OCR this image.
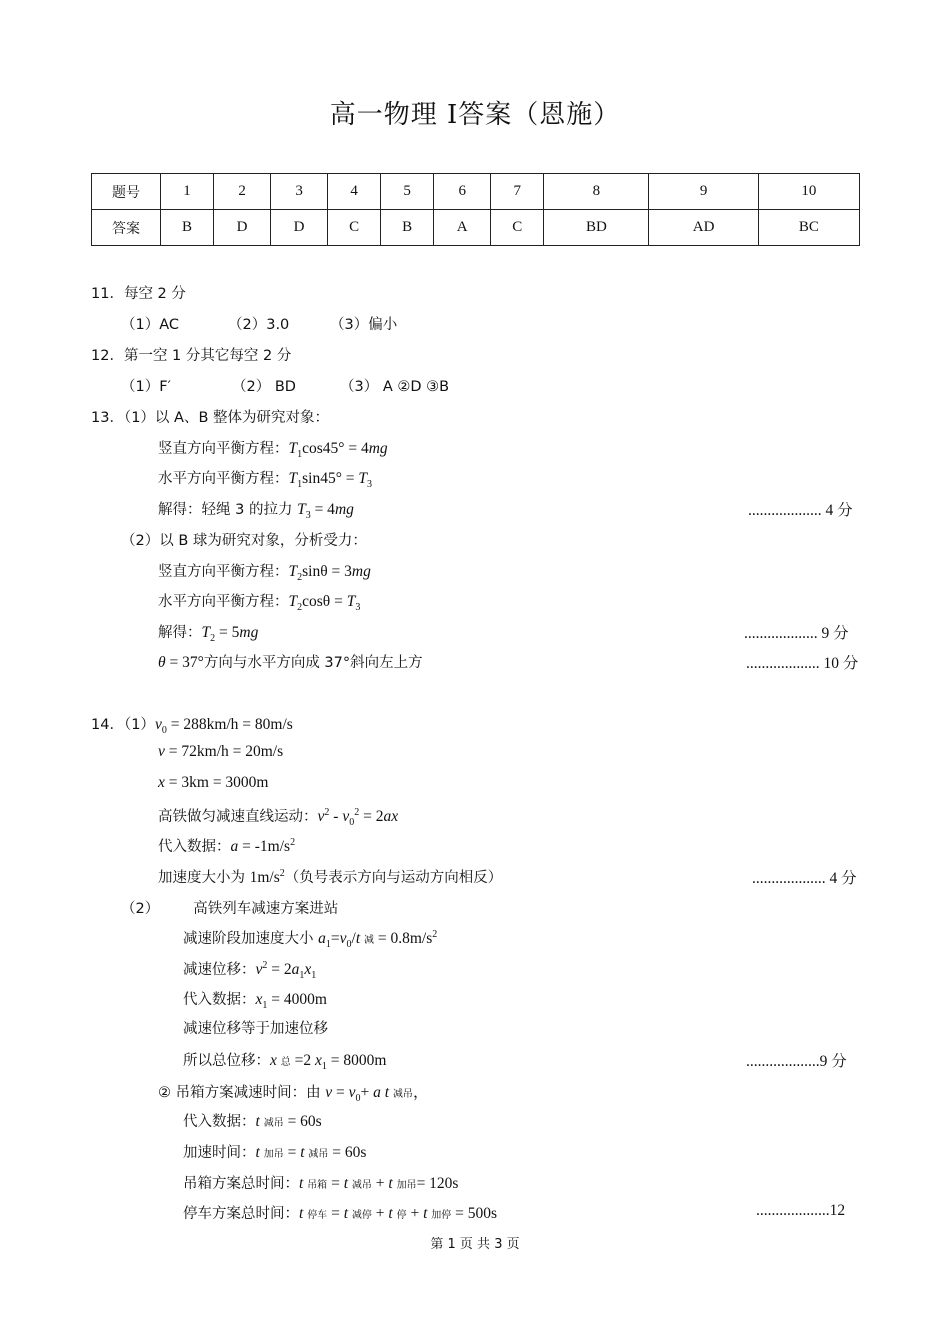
高一物理 Ⅰ答案（恩施）
题号	1	2	3	4	5	6	7	8	9	10
答案	B	D	D	C	B	A	C	BD	AD	BC
11．每空 2 分
（1）AC	（2）3.0	（3）偏小
12．第一空 1 分其它每空 2 分
（1）F′	（2） BD	（3） A ②D ③B
13．（1）以 A、B 整体为研究对象：
竖直方向平衡方程：$T_1\cos 45^\circ = 4mg$
水平方向平衡方程：$T_1\sin 45^\circ = T_3$
解得：轻绳 3 的拉力 $T_3 = 4mg$	................... 4 分
（2）以 B 球为研究对象，分析受力：
竖直方向平衡方程：$T_2\sin\theta = 3mg$
水平方向平衡方程：$T_2\cos\theta = T_3$
解得：$T_2 = 5mg$	................... 9 分
θ = 37°方向与水平方向成 37°斜向左上方	................... 10 分
14．$(1)v_0 = 288km/h = 80m/s$
v = 72km/h = 20m/s
x = 3km = 3000m
高铁做匀减速直线运动：$v^2 - v_0^2 = 2ax$
代入数据：$a = -1m/s^2$
加速度大小为 $1m/s^2$（负号表示方向与运动方向相反）	................... 4 分
（2） 高铁列车减速方案进站
减速阶段加速度大小 $a_1=v_0/t$ 减 = $0.8m/s^2$
减速位移：$v^2 = 2a_1x_1$
代入数据：$x_1 = 4000m$
减速位移等于加速位移
所以总位移：x 总 =2 $x_1 = 8000m$	...................9 分
② 吊箱方案减速时间：由 $v = v_0+ a$ t 减吊，
代入数据：t 减吊 = 60s
加速时间：t 加吊 = t 减吊 = 60s
吊箱方案总时间：t 吊箱 = t 减吊 + t 加吊= 120s
停车方案总时间：t 停车 = t 减停 + t 停 + t 加停 = 500s	...................12
第 1 页 共 3 页
